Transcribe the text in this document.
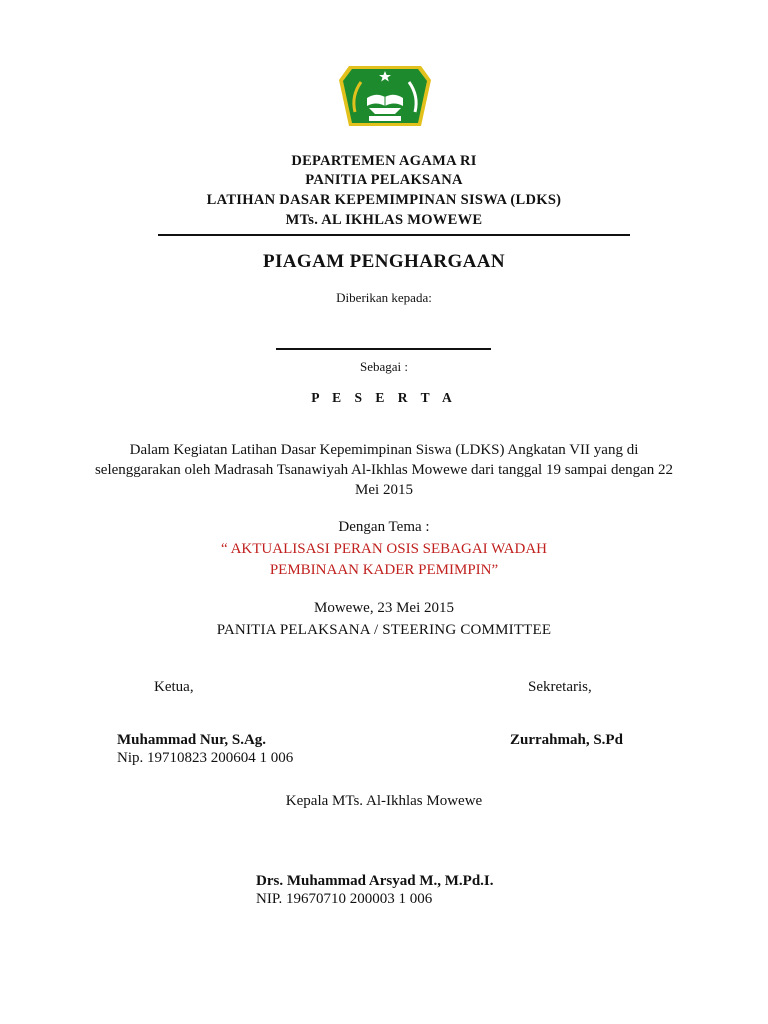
DEPARTEMEN AGAMA RI
PANITIA PELAKSANA
LATIHAN DASAR KEPEMIMPINAN SISWA (LDKS)
MTs. AL IKHLAS MOWEWE
PIAGAM PENGHARGAAN
Diberikan kepada:
Sebagai :
P E S E R T A
Dalam Kegiatan Latihan Dasar Kepemimpinan Siswa (LDKS) Angkatan VII yang di selenggarakan oleh Madrasah Tsanawiyah Al-Ikhlas Mowewe dari tanggal 19 sampai dengan 22 Mei 2015
Dengan Tema :
“ AKTUALISASI PERAN OSIS SEBAGAI WADAH
PEMBINAAN KADER PEMIMPIN”
Mowewe, 23 Mei 2015
PANITIA PELAKSANA / STEERING COMMITTEE
Ketua,	Sekretaris,
Muhammad Nur, S.Ag.
Nip. 19710823 200604 1 006
Zurrahmah, S.Pd
Kepala MTs. Al-Ikhlas Mowewe
Drs. Muhammad Arsyad M., M.Pd.I.
NIP. 19670710 200003 1 006
